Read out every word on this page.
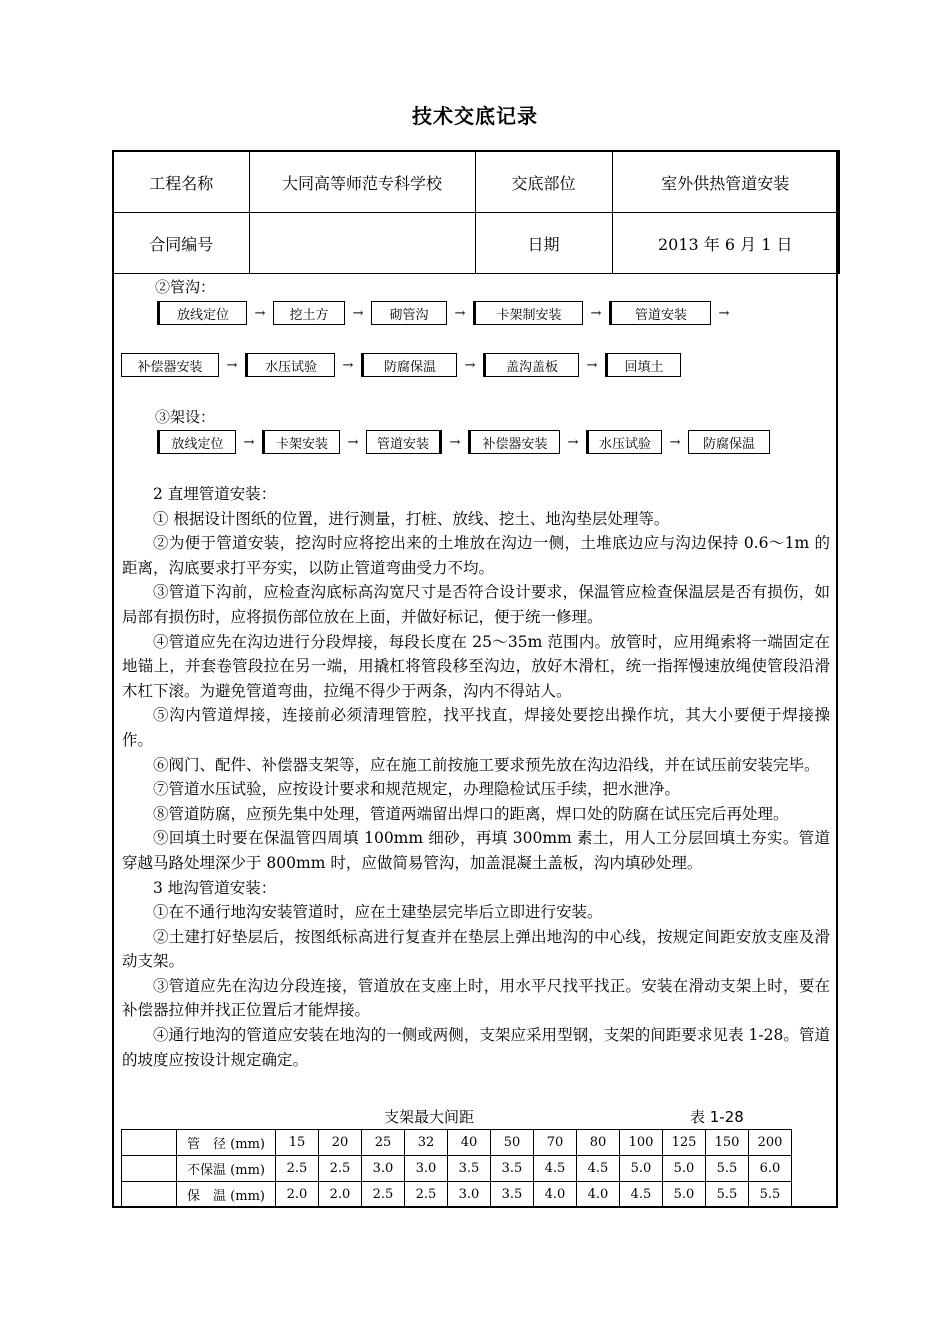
技术交底记录
工程名称	大同高等师范专科学校	交底部位	室外供热管道安装
合同编号		日期	2013 年 6 月 1 日
②管沟：
放线定位	→	挖土方	→	砌管沟	→	卡架制安装	→	管道安装	→
补偿器安装	→	水压试验	→	防腐保温	→	盖沟盖板	→	回填土
③架设：
放线定位	→	卡架安装	→	管道安装	→	补偿器安装	→	水压试验	→	防腐保温

2 直埋管道安装：

① 根据设计图纸的位置，进行测量，打桩、放线、挖土、地沟垫层处理等。

②为便于管道安装，挖沟时应将挖出来的土堆放在沟边一侧，土堆底边应与沟边保持 0.6～1m 的距离，沟底要求打平夯实，以防止管道弯曲受力不均。

③管道下沟前，应检查沟底标高沟宽尺寸是否符合设计要求，保温管应检查保温层是否有损伤，如局部有损伤时，应将损伤部位放在上面，并做好标记，便于统一修理。

④管道应先在沟边进行分段焊接，每段长度在 25～35m 范围内。放管时，应用绳索将一端固定在地锚上，并套卷管段拉在另一端，用撬杠将管段移至沟边，放好木滑杠，统一指挥慢速放绳使管段沿滑木杠下滚。为避免管道弯曲，拉绳不得少于两条，沟内不得站人。

⑤沟内管道焊接，连接前必须清理管腔，找平找直，焊接处要挖出操作坑，其大小要便于焊接操作。

⑥阀门、配件、补偿器支架等，应在施工前按施工要求预先放在沟边沿线，并在试压前安装完毕。

⑦管道水压试验，应按设计要求和规范规定，办理隐检试压手续，把水泄净。

⑧管道防腐，应预先集中处理，管道两端留出焊口的距离，焊口处的防腐在试压完后再处理。

⑨回填土时要在保温管四周填 100mm 细砂，再填 300mm 素土，用人工分层回填土夯实。管道穿越马路处埋深少于 800mm 时，应做简易管沟，加盖混凝土盖板，沟内填砂处理。

3 地沟管道安装：

①在不通行地沟安装管道时，应在土建垫层完毕后立即进行安装。

②土建打好垫层后，按图纸标高进行复查并在垫层上弹出地沟的中心线，按规定间距安放支座及滑动支架。

③管道应先在沟边分段连接，管道放在支座上时，用水平尺找平找正。安装在滑动支架上时，要在补偿器拉伸并找正位置后才能焊接。

④通行地沟的管道应安装在地沟的一侧或两侧，支架应采用型钢，支架的间距要求见表 1-28。管道的坡度应按设计规定确定。

支架最大间距	表 1-28
	管　径 (mm)	15	20	25	32	40	50	70	80	100	125	150	200
	不保温 (mm)	2.5	2.5	3.0	3.0	3.5	3.5	4.5	4.5	5.0	5.0	5.5	6.0
	保　温 (mm)	2.0	2.0	2.5	2.5	3.0	3.5	4.0	4.0	4.5	5.0	5.5	5.5
